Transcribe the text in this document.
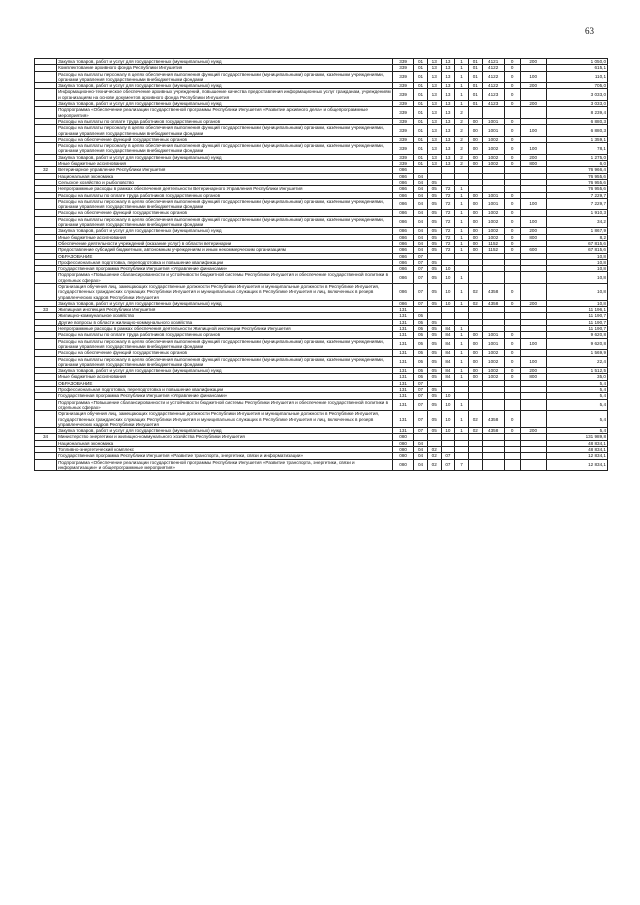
63
	Закупка товаров, работ и услуг для государственных (муниципальных) нужд	339	01	13	13	1	01	4121	0	200	1 050,0
	Комплектование архивного фонда Республики Ингушетия	339	01	13	13	1	01	4122	0		615,1
	Расходы на выплаты персоналу в целях обеспечения выполнения функций государственными (муниципальными) органами, казёнными учреждениями, органами управления государственными внебюджетными фондами	339	01	13	13	1	01	4122	0	100	110,1
	Закупка товаров, работ и услуг для государственных (муниципальных) нужд	339	01	13	13	1	01	4122	0	200	705,0
	Информационно-техническое обеспечение архивных учреждений, повышение качества предоставления информационных услуг гражданам, учреждениям и организациям на основе документов архивного фонда Республики Ингушетия	339	01	13	13	1	01	4123	0		3 033,0
	Закупка товаров, работ и услуг для государственных (муниципальных) нужд	339	01	13	13	1	01	4123	0	200	3 033,0
	Подпрограмма «Обеспечение реализации государственной программы Республики Ингушетия «Развитие архивного дела» и общепрограммные мероприятия»	339	01	13	13	2					8 239,4
	Расходы на выплаты по оплате труда работников государственных органов	339	01	13	13	2	00	1001	0		6 880,3
	Расходы на выплаты персоналу в целях обеспечения выполнения функций государственными (муниципальными) органами, казёнными учреждениями, органами управления государственными внебюджетными фондами	339	01	13	13	2	00	1001	0	100	6 880,3
	Расходы на обеспечение функций государственных органов	339	01	13	13	2	00	1002	0		1 359,1
	Расходы на выплаты персоналу в целях обеспечения выполнения функций государственными (муниципальными) органами, казёнными учреждениями, органами управления государственными внебюджетными фондами	339	01	13	13	2	00	1002	0	100	78,1
	Закупка товаров, работ и услуг для государственных (муниципальных) нужд	339	01	13	13	2	00	1002	0	200	1 275,0
	Иные бюджетные ассигнования	339	01	13	13	2	00	1002	0	800	6,0
32	Ветеринарное управление Республики Ингушетия	086									76 966,4
	Национальная экономика	086	04								76 955,6
	Сельское хозяйство и рыболовство	086	04	05							76 955,6
	Непрограммные расходы в рамках обеспечения деятельности Ветеринарного Управления Республики Ингушетия	086	04	05	72	1					76 955,6
	Расходы на выплаты по оплате труда работников государственных органов	086	04	05	72	1	00	1001	0		7 229,7
	Расходы на выплаты персоналу в целях обеспечения выполнения функций государственными (муниципальными) органами, казёнными учреждениями, органами управления государственными внебюджетными фондами	086	04	05	72	1	00	1001	0	100	7 229,7
	Расходы на обеспечение функций государственных органов	086	04	05	72	1	00	1002	0		1 910,3
	Расходы на выплаты персоналу в целях обеспечения выполнения функций государственными (муниципальными) органами, казёнными учреждениями, органами управления государственными внебюджетными фондами	086	04	05	72	1	00	1002	0	100	34,2
	Закупка товаров, работ и услуг для государственных (муниципальных) нужд	086	04	05	72	1	00	1002	0	200	1 867,9
	Иные бюджетные ассигнования	086	04	05	72	1	00	1002	0	800	8,2
	Обеспечение деятельности учреждений (оказание услуг) в области ветеринарии	086	04	05	72	1	00	1152	0		67 815,6
	Предоставление субсидий бюджетным, автономным учреждениям и иным некоммерческим организациям	086	04	05	72	1	00	1152	0	600	67 815,6
	ОБРАЗОВАНИЕ	086	07								10,8
	Профессиональная подготовка, переподготовка и повышение квалификации	086	07	05							10,8
	Государственная программа Республики Ингушетия «Управление финансами»	086	07	05	10						10,8
	Подпрограмма «Повышение сбалансированности и устойчивости бюджетной системы Республики Ингушетия и обеспечение государственной политики в отдельных сферах»	086	07	05	10	1					10,8
	Организация обучения лиц, замещающих государственные должности Республики Ингушетия и муниципальные должности в Республике Ингушетия, государственных гражданских служащих Республики Ингушетия и муниципальных служащих в Республике Ингушетия и лиц, включенных в резерв управленческих кадров Республики Ингушетия	086	07	05	10	1	02	4358	0		10,8
	Закупка товаров, работ и услуг для государственных (муниципальных) нужд	086	07	05	10	1	02	4358	0	200	10,8
33	Жилищная инспекция Республики Ингушетия	131									11 196,1
	Жилищно-коммунальное хозяйство	131	05								11 190,7
	Другие вопросы в области жилищно-коммунального хозяйства	131	05	05							11 190,7
	Непрограммные расходы в рамках обеспечения деятельности Жилищной инспекции Республики Ингушетия	131	05	05	84	1					11 190,7
	Расходы на выплаты по оплате труда работников государственных органов	131	05	05	84	1	00	1001	0		9 620,8
	Расходы на выплаты персоналу в целях обеспечения выполнения функций государственными (муниципальными) органами, казёнными учреждениями, органами управления государственными внебюджетными фондами	131	05	05	84	1	00	1001	0	100	9 620,8
	Расходы на обеспечение функций государственных органов	131	05	05	84	1	00	1002	0		1 569,9
	Расходы на выплаты персоналу в целях обеспечения выполнения функций государственными (муниципальными) органами, казёнными учреждениями, органами управления государственными внебюджетными фондами	131	05	05	84	1	00	1002	0	100	22,4
	Закупка товаров, работ и услуг для государственных (муниципальных) нужд	131	05	05	84	1	00	1002	0	200	1 512,5
	Иные бюджетные ассигнования	131	05	05	84	1	00	1002	0	800	35,0
	ОБРАЗОВАНИЕ	131	07								5,4
	Профессиональная подготовка, переподготовка и повышение квалификации	131	07	05							5,4
	Государственная программа Республики Ингушетия «Управление финансами»	131	07	05	10						5,4
	Подпрограмма «Повышение сбалансированности и устойчивости бюджетной системы Республики Ингушетия и обеспечение государственной политики в отдельных сферах»	131	07	05	10	1					5,4
	Организация обучения лиц, замещающих государственные должности Республики Ингушетия и муниципальные должности в Республике Ингушетия, государственных гражданских служащих Республики Ингушетия и муниципальных служащих в Республике Ингушетия и лиц, включенных в резерв управленческих кадров Республики Ингушетия	131	07	05	10	1	02	4358	0		5,4
	Закупка товаров, работ и услуг для государственных (муниципальных) нужд	131	07	05	10	1	02	4358	0	200	5,4
34	Министерство энергетики и жилищно-коммунального хозяйства Республики Ингушетия	080									131 989,8
	Национальная экономика	080	04								48 834,1
	Топливно-энергетический комплекс	080	04	02							48 834,1
	Государственная программа Республики Ингушетия «Развитие транспорта, энергетики, связи и информатизации»	080	04	02	07						12 834,1
	Подпрограмма «Обеспечение реализации государственной программы Республики Ингушетия «Развитие транспорта, энергетики, связи и информатизации» и общепрограммные мероприятия»	080	04	02	07	7					12 834,1
